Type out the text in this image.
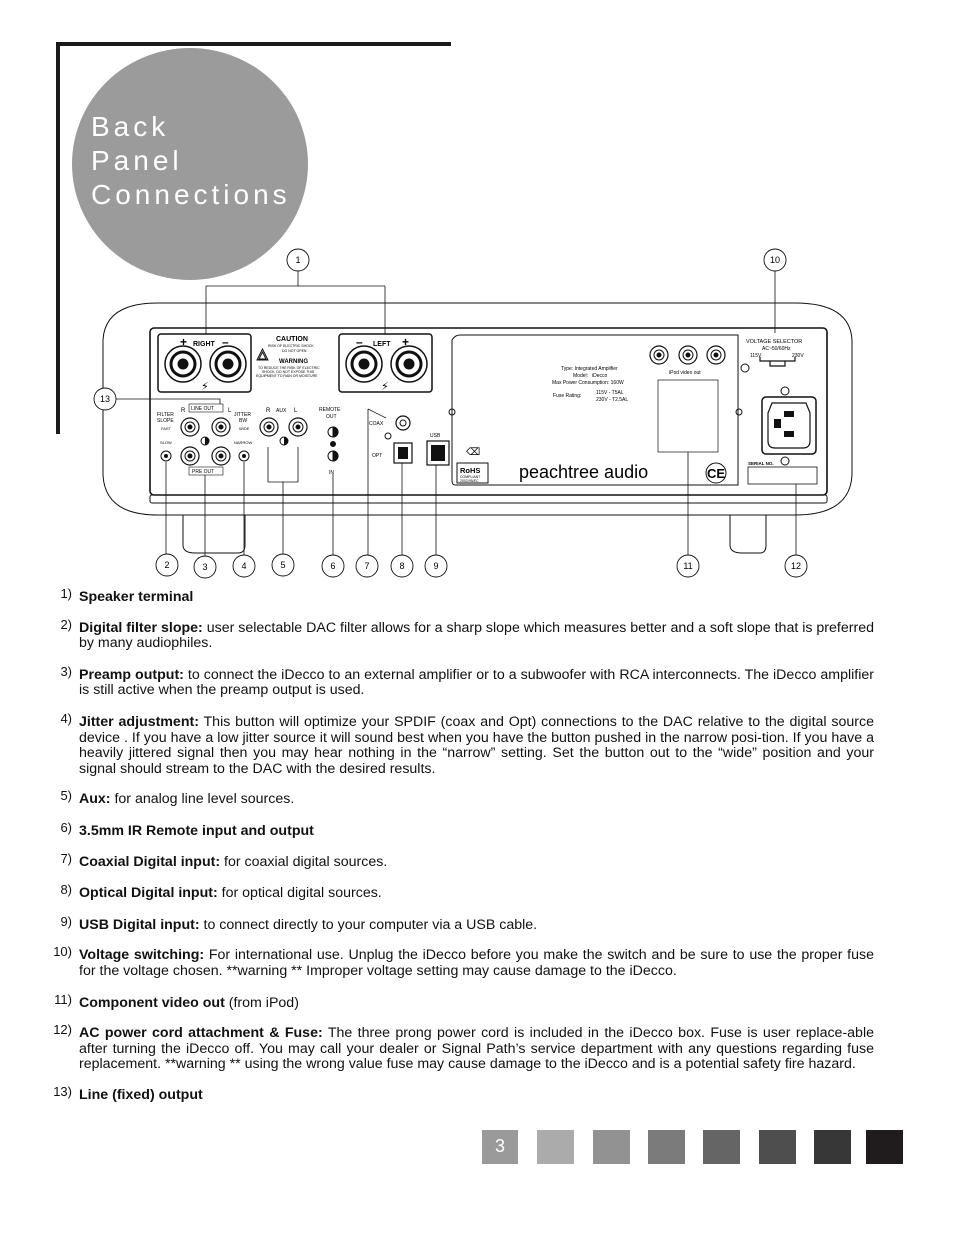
Back
Panel
Connections
+ RIGHT –	– LEFT +
⚡	⚡
CAUTION
RISK OF ELECTRIC SHOCK
DO NOT OPEN
WARNING
TO REDUCE THE RISK OF ELECTRIC
SHOCK, DO NOT EXPOSE THIS
EQUIPMENT TO RAIN OR MOISTURE
FILTER
SLOPE
FAST
SLOW
R LINE OUT L
PRE OUT
JITTER
BW
WIDE
NARROW
R AUX L	REMOTE
OUT
IN
COAX
OPT
USB
⌫
Type: Integrated Amplifier
Model: iDecco
Max Power Consumption: 160W
Fuse Rating:	115V - T5AL
230V - T2.5AL
RoHS
COMPLIANT
2002/95/EC peachtree audio	CE
iPod video out
VOLTAGE SELECTOR
AC~50/60Hz
115V	230V
SERIAL NO.
1	10
13
2	3	4	5	6	7	8	9	11	12
1) Speaker terminal
2) Digital filter slope: user selectable DAC filter allows for a sharp slope which measures better and a soft slope that is preferred by many audiophiles.
3) Preamp output: to connect the iDecco to an external amplifier or to a subwoofer with RCA interconnects. The iDecco amplifier is still active when the preamp output is used.
4) Jitter adjustment: This button will optimize your SPDIF (coax and Opt) connections to the DAC relative to the digital source device . If you have a low jitter source it will sound best when you have the button pushed in the narrow posi-tion. If you have a heavily jittered signal then you may hear nothing in the “narrow” setting. Set the button out to the “wide” position and your signal should stream to the DAC with the desired results.
5) Aux: for analog line level sources.
6) 3.5mm IR Remote input and output
7) Coaxial Digital input: for coaxial digital sources.
8) Optical Digital input: for optical digital sources.
9) USB Digital input: to connect directly to your computer via a USB cable.
10) Voltage switching: For international use. Unplug the iDecco before you make the switch and be sure to use the proper fuse for the voltage chosen. **warning ** Improper voltage setting may cause damage to the iDecco.
11) Component video out (from iPod)
12) AC power cord attachment & Fuse: The three prong power cord is included in the iDecco box. Fuse is user replace-able after turning the iDecco off. You may call your dealer or Signal Path’s service department with any questions regarding fuse replacement. **warning ** using the wrong value fuse may cause damage to the iDecco and is a potential safety fire hazard.
13) Line (fixed) output
3
